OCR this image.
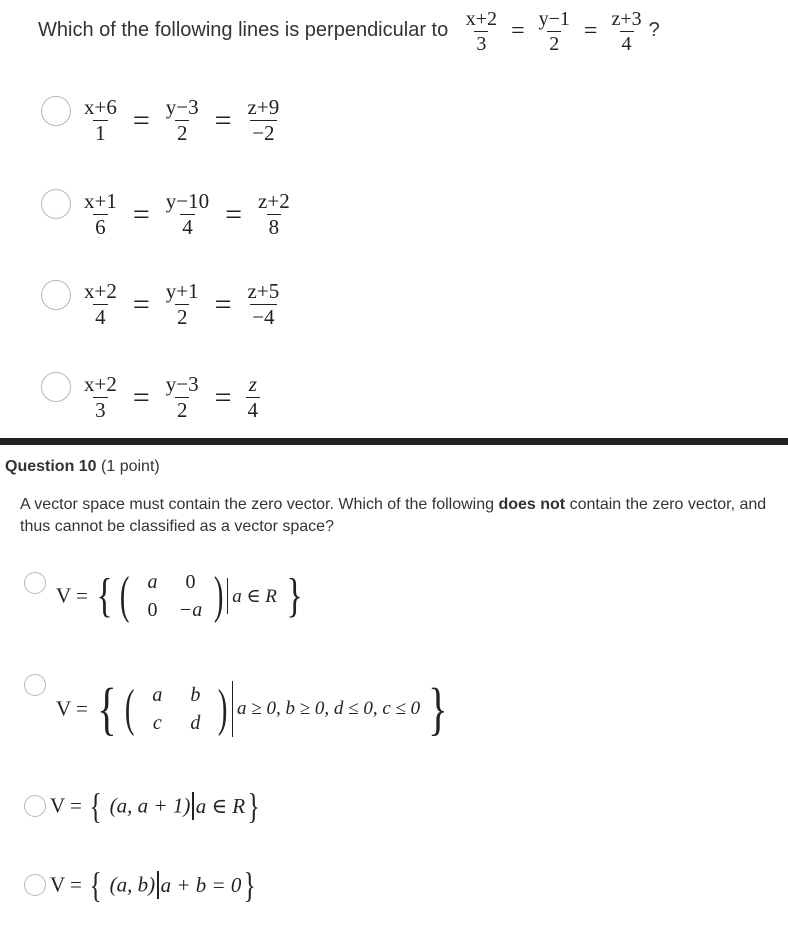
Which of the following lines is perpendicular to $\frac{x+2}{3} = \frac{y-1}{2} = \frac{z+3}{4}$ ?
$\frac{x+6}{1} = \frac{y-3}{2} = \frac{z+9}{-2}$
$\frac{x+1}{6} = \frac{y-10}{4} = \frac{z+2}{8}$
$\frac{x+2}{4} = \frac{y+1}{2} = \frac{z+5}{-4}$
$\frac{x+2}{3} = \frac{y-3}{2} = \frac{z}{4}$
Question 10 (1 point)
A vector space must contain the zero vector. Which of the following does not contain the zero vector, and thus cannot be classified as a vector space?
V = { ( a	0
0	−a ) a ∈ R }
V = { ( a	b
c	d ) a ≥ 0, b ≥ 0, d ≤ 0, c ≤ 0 }
V = { (a, a + 1) a ∈ R}
V = { (a, b) a + b = 0}
